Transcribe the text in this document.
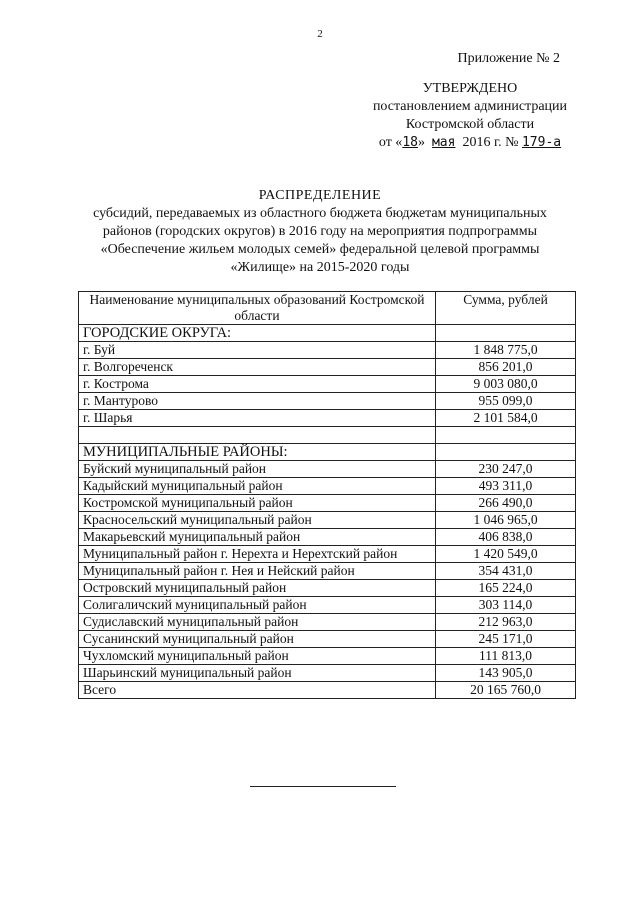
2
Приложение № 2
УТВЕРЖДЕНО
постановлением администрации
Костромской области
от «18» мая 2016 г. № 179-а
РАСПРЕДЕЛЕНИЕ
субсидий, передаваемых из областного бюджета бюджетам муниципальных
районов (городских округов) в 2016 году на мероприятия подпрограммы
«Обеспечение жильем молодых семей» федеральной целевой программы
«Жилище» на 2015-2020 годы
Наименование муниципальных образований Костромской области	Сумма, рублей
ГОРОДСКИЕ ОКРУГА:	
г. Буй	1 848 775,0
г. Волгореченск	856 201,0
г. Кострома	9 003 080,0
г. Мантурово	955 099,0
г. Шарья	2 101 584,0

МУНИЦИПАЛЬНЫЕ РАЙОНЫ:	
Буйский муниципальный район	230 247,0
Кадыйский муниципальный район	493 311,0
Костромской муниципальный район	266 490,0
Красносельский муниципальный район	1 046 965,0
Макарьевский муниципальный район	406 838,0
Муниципальный район г. Нерехта и Нерехтский район	1 420 549,0
Муниципальный район г. Нея и Нейский район	354 431,0
Островский муниципальный район	165 224,0
Солигаличский муниципальный район	303 114,0
Судиславский муниципальный район	212 963,0
Сусанинский муниципальный район	245 171,0
Чухломский муниципальный район	111 813,0
Шарьинский муниципальный район	143 905,0
Всего	20 165 760,0
